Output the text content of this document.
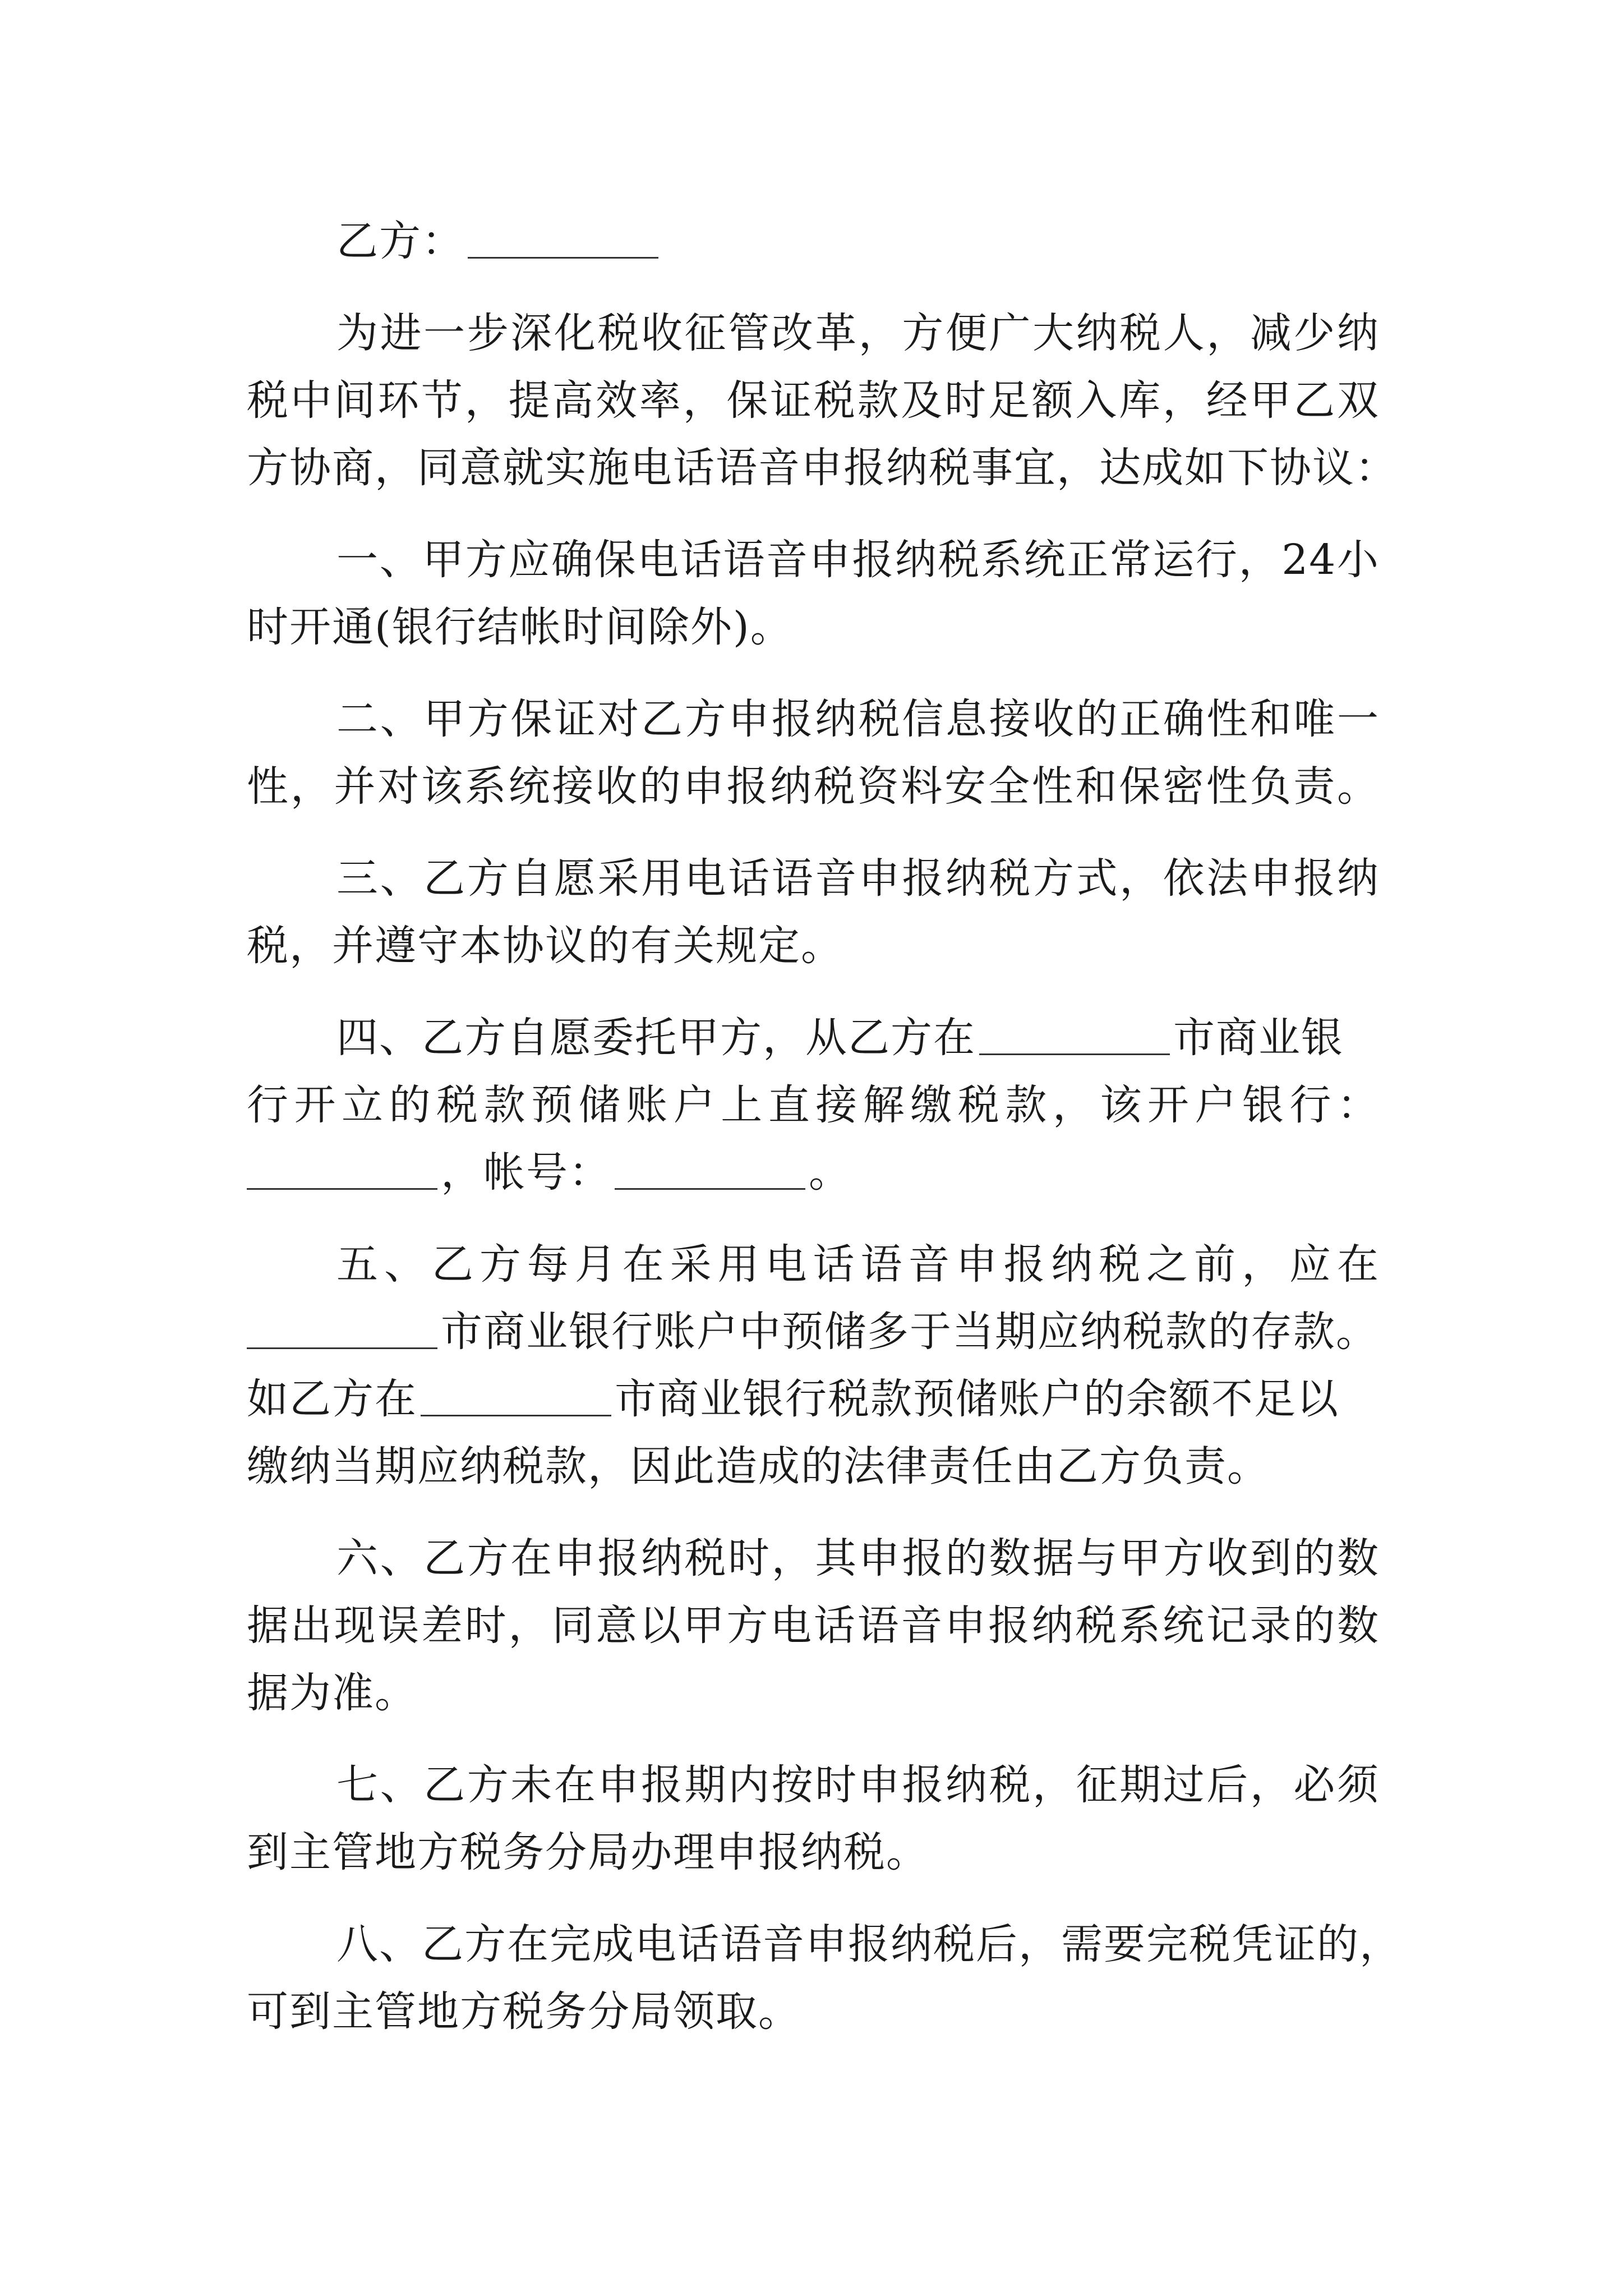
乙方：
为进一步深化税收征管改革，方便广大纳税人，减少纳
税中间环节，提高效率，保证税款及时足额入库，经甲乙双
方协商，同意就实施电话语音申报纳税事宜，达成如下协议：
一、甲方应确保电话语音申报纳税系统正常运行，24小
时开通(银行结帐时间除外)。
二、甲方保证对乙方申报纳税信息接收的正确性和唯一
性，并对该系统接收的申报纳税资料安全性和保密性负责。
三、乙方自愿采用电话语音申报纳税方式，依法申报纳
税，并遵守本协议的有关规定。
四、乙方自愿委托甲方，从乙方在	市商业银
行开立的税款预储账户上直接解缴税款，该开户银行：
，帐号：	。
五、乙方每月在采用电话语音申报纳税之前，应在
市商业银行账户中预储多于当期应纳税款的存款。
如乙方在	市商业银行税款预储账户的余额不足以
缴纳当期应纳税款，因此造成的法律责任由乙方负责。
六、乙方在申报纳税时，其申报的数据与甲方收到的数
据出现误差时，同意以甲方电话语音申报纳税系统记录的数
据为准。
七、乙方未在申报期内按时申报纳税，征期过后，必须
到主管地方税务分局办理申报纳税。
八、乙方在完成电话语音申报纳税后，需要完税凭证的，
可到主管地方税务分局领取。
